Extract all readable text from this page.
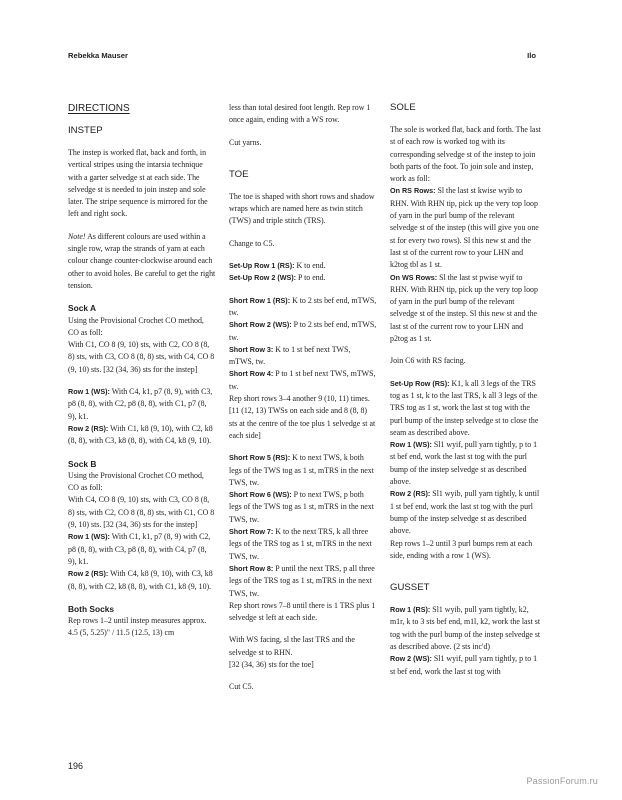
Rebekka Mauser	Ilo
DIRECTIONS
INSTEP

The instep is worked flat, back and forth, in vertical stripes using the intarsia technique with a garter selvedge st at each side. The selvedge st is needed to join instep and sole later. The stripe sequence is mirrored for the left and right sock.

Note! As different colours are used within a single row, wrap the strands of yarn at each colour change counter-clockwise around each other to avoid holes. Be careful to get the right tension.

Sock A
Using the Provisional Crochet CO method, CO as foll:
With C1, CO 8 (9, 10) sts, with C2, CO 8 (8, 8) sts, with C3, CO 8 (8, 8) sts, with C4, CO 8 (9, 10) sts. [32 (34, 36) sts for the instep]
Row 1 (WS): With C4, k1, p7 (8, 9), with C3, p8 (8, 8), with C2, p8 (8, 8), with C1, p7 (8, 9), k1.
Row 2 (RS): With C1, k8 (9, 10), with C2, k8 (8, 8), with C3, k8 (8, 8), with C4, k8 (9, 10).
Sock B
Using the Provisional Crochet CO method, CO as foll:
With C4, CO 8 (9, 10) sts, with C3, CO 8 (8, 8) sts, with C2, CO 8 (8, 8) sts, with C1, CO 8 (9, 10) sts. [32 (34, 36) sts for the instep]
Row 1 (WS): With C1, k1, p7 (8, 9) with C2, p8 (8, 8), with C3, p8 (8, 8), with C4, p7 (8, 9), k1.
Row 2 (RS): With C4, k8 (9, 10), with C3, k8 (8, 8), with C2, k8 (8, 8), with C1, k8 (9, 10).
Both Socks
Rep rows 1–2 until instep measures approx. 4.5 (5, 5.25)" / 11.5 (12.5, 13) cm

less than total desired foot length. Rep row 1 once again, ending with a WS row.

Cut yarns.

TOE

The toe is shaped with short rows and shadow wraps which are named here as twin stitch (TWS) and triple stitch (TRS).

Change to C5.

Set-Up Row 1 (RS): K to end.
Set-Up Row 2 (WS): P to end.
Short Row 1 (RS): K to 2 sts bef end, mTWS, tw.
Short Row 2 (WS): P to 2 sts bef end, mTWS, tw.
Short Row 3: K to 1 st bef next TWS, mTWS, tw.
Short Row 4: P to 1 st bef next TWS, mTWS, tw.
Rep short rows 3–4 another 9 (10, 11) times. [11 (12, 13) TWSs on each side and 8 (8, 8) sts at the centre of the toe plus 1 selvedge st at each side]
Short Row 5 (RS): K to next TWS, k both legs of the TWS tog as 1 st, mTRS in the next TWS, tw.
Short Row 6 (WS): P to next TWS, p both legs of the TWS tog as 1 st, mTRS in the next TWS, tw.
Short Row 7: K to the next TRS, k all three legs of the TRS tog as 1 st, mTRS in the next TWS, tw.
Short Row 8: P until the next TRS, p all three legs of the TRS tog as 1 st, mTRS in the next TWS, tw.
Rep short rows 7–8 until there is 1 TRS plus 1 selvedge st left at each side.
With WS facing, sl the last TRS and the selvedge st to RHN.
[32 (34, 36) sts for the toe]
Cut C5.
SOLE
The sole is worked flat, back and forth. The last st of each row is worked tog with its corresponding selvedge st of the instep to join both parts of the foot. To join sole and instep, work as foll:
On RS Rows: Sl the last st kwise wyib to RHN. With RHN tip, pick up the very top loop of yarn in the purl bump of the relevant selvedge st of the instep (this will give you one st for every two rows). Sl this new st and the last st of the current row to your LHN and k2tog tbl as 1 st.
On WS Rows: Sl the last st pwise wyif to RHN. With RHN tip, pick up the very top loop of yarn in the purl bump of the relevant selvedge st of the instep. Sl this new st and the last st of the current row to your LHN and p2tog as 1 st.
Join C6 with RS facing.
Set-Up Row (RS): K1, k all 3 legs of the TRS tog as 1 st, k to the last TRS, k all 3 legs of the TRS tog as 1 st, work the last st tog with the purl bump of the instep selvedge st to close the seam as described above.
Row 1 (WS): Sl1 wyif, pull yarn tightly, p to 1 st bef end, work the last st tog with the purl bump of the instep selvedge st as described above.
Row 2 (RS): Sl1 wyib, pull yarn tightly, k until 1 st bef end, work the last st tog with the purl bump of the instep selvedge st as described above.
Rep rows 1–2 until 3 purl bumps rem at each side, ending with a row 1 (WS).
GUSSET
Row 1 (RS): Sl1 wyib, pull yarn tightly, k2, m1r, k to 3 sts bef end, m1l, k2, work the last st tog with the purl bump of the instep selvedge st as described above. (2 sts inc'd)
Row 2 (WS): Sl1 wyif, pull yarn tightly, p to 1 st bef end, work the last st tog with
196
PassionForum.ru
